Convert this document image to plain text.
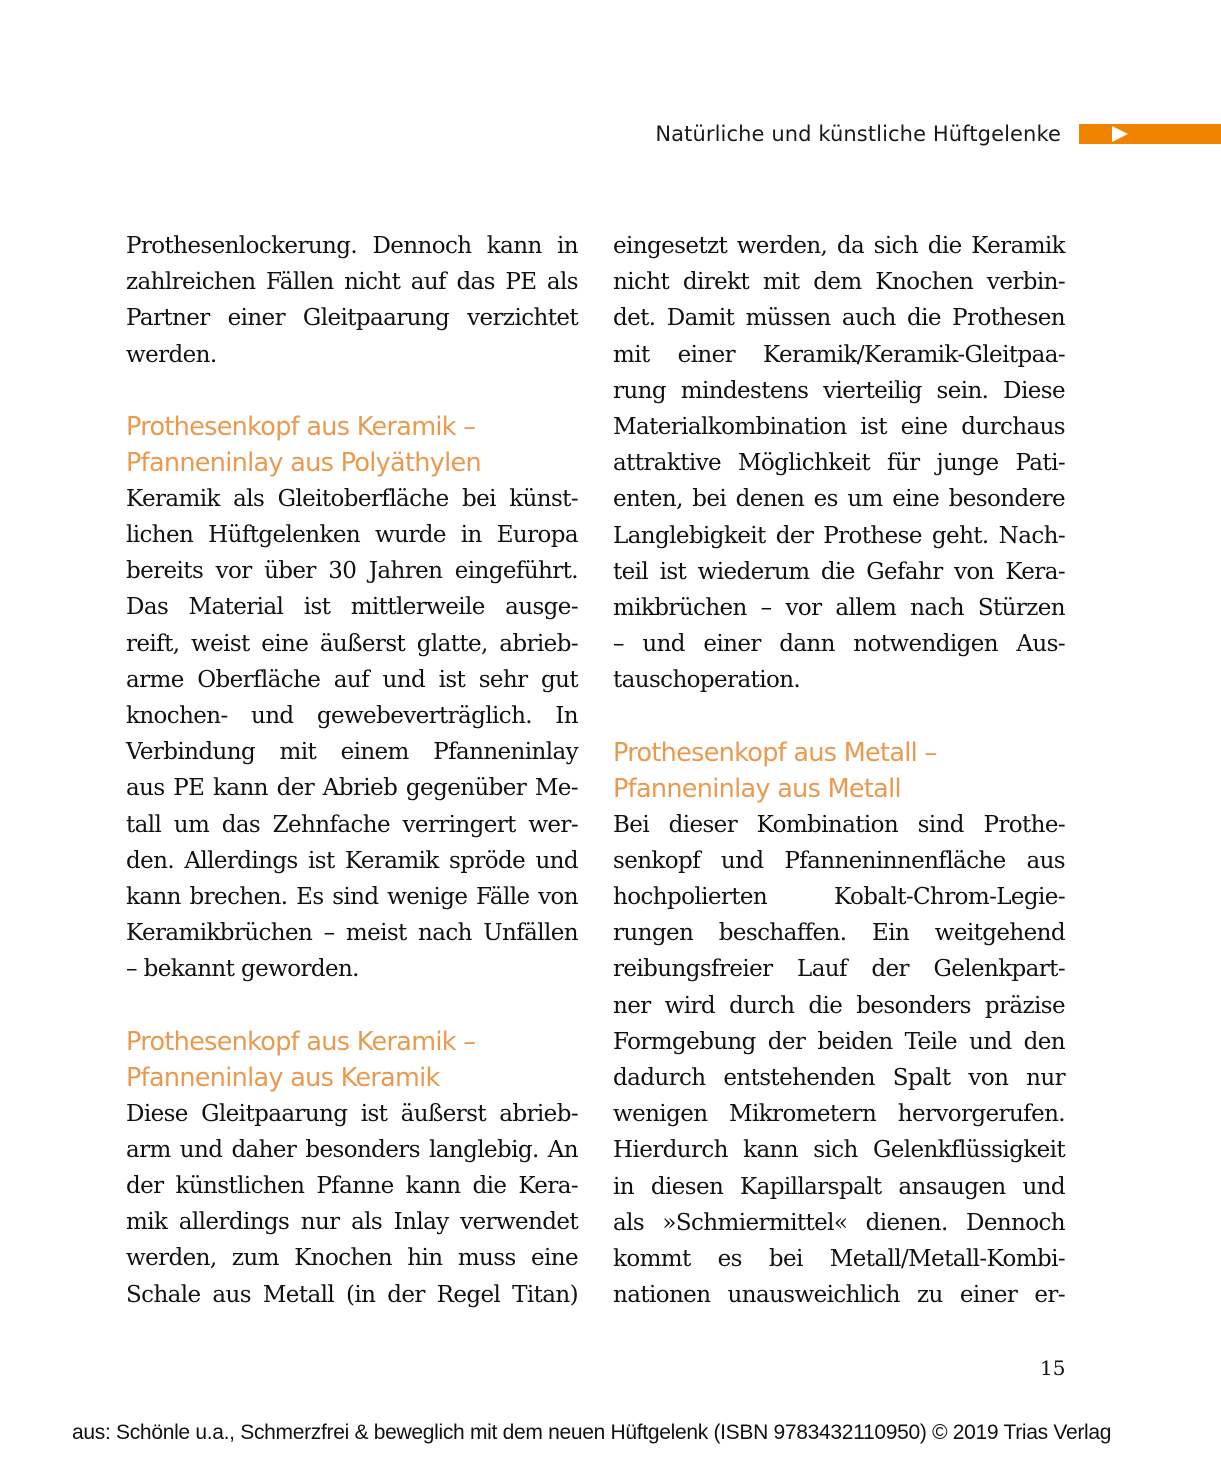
Natürliche und künstliche Hüftgelenke

Prothesenlockerung. Dennoch kann in
zahlreichen Fällen nicht auf das PE als
Partner einer Gleitpaarung verzichtet
werden.

Prothesenkopf aus Keramik –
Pfanneninlay aus Polyäthylen

Keramik als Gleitoberfläche bei künst-
lichen Hüftgelenken wurde in Europa
bereits vor über 30 Jahren eingeführt.
Das Material ist mittlerweile ausge-
reift, weist eine äußerst glatte, abrieb-
arme Oberfläche auf und ist sehr gut
knochen- und gewebeverträglich. In
Verbindung mit einem Pfanneninlay
aus PE kann der Abrieb gegenüber Me-
tall um das Zehnfache verringert wer-
den. Allerdings ist Keramik spröde und
kann brechen. Es sind wenige Fälle von
Keramikbrüchen – meist nach Unfällen
– bekannt geworden.

Prothesenkopf aus Keramik –
Pfanneninlay aus Keramik

Diese Gleitpaarung ist äußerst abrieb-
arm und daher besonders langlebig. An
der künstlichen Pfanne kann die Kera-
mik allerdings nur als Inlay verwendet
werden, zum Knochen hin muss eine
Schale aus Metall (in der Regel Titan)

eingesetzt werden, da sich die Keramik
nicht direkt mit dem Knochen verbin-
det. Damit müssen auch die Prothesen
mit einer Keramik/Keramik-Gleitpaa-
rung mindestens vierteilig sein. Diese
Materialkombination ist eine durchaus
attraktive Möglichkeit für junge Pati-
enten, bei denen es um eine besondere
Langlebigkeit der Prothese geht. Nach-
teil ist wiederum die Gefahr von Kera-
mikbrüchen – vor allem nach Stürzen
– und einer dann notwendigen Aus-
tauschoperation.

Prothesenkopf aus Metall –
Pfanneninlay aus Metall

Bei dieser Kombination sind Prothe-
senkopf und Pfanneninnenfläche aus
hochpolierten Kobalt-Chrom-Legie-
rungen beschaffen. Ein weitgehend
reibungsfreier Lauf der Gelenkpart-
ner wird durch die besonders präzise
Formgebung der beiden Teile und den
dadurch entstehenden Spalt von nur
wenigen Mikrometern hervorgerufen.
Hierdurch kann sich Gelenkflüssigkeit
in diesen Kapillarspalt ansaugen und
als »Schmiermittel« dienen. Dennoch
kommt es bei Metall/Metall-Kombi-
nationen unausweichlich zu einer er-

15
aus: Schönle u.a., Schmerzfrei & beweglich mit dem neuen Hüftgelenk (ISBN 9783432110950) © 2019 Trias Verlag
